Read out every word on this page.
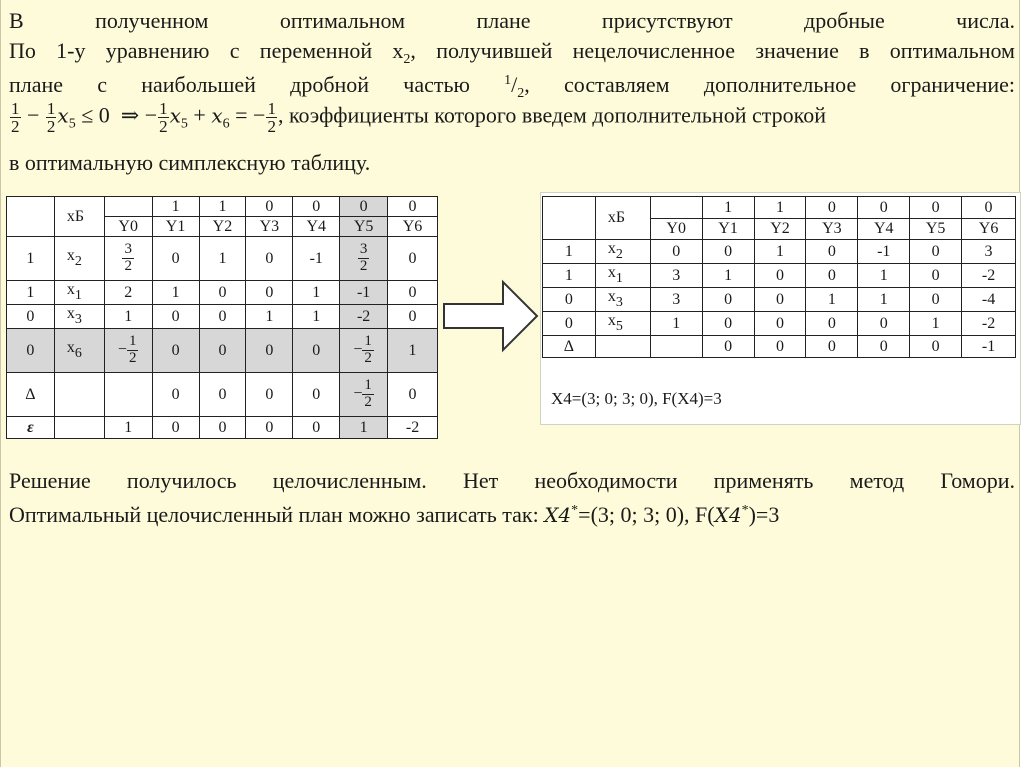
В полученном оптимальном плане присутствуют дробные числа.
По 1-у уравнению с переменной $x_2$, получившей нецелочисленное значение в оптимальном
плане с наибольшей дробной частью $^1/_2$, составляем дополнительное ограничение:
$\frac{1}{2} - \frac{1}{2} x_5 \le 0$ ⇒ − $\frac{1}{2} x_5 + x_6$ = − $\frac{1}{2}$ , коэффициенты которого введем дополнительной строкой
в оптимальную симплексную таблицу.
	xБ		1	1	0	0	0	0
		Y0	Y1	Y2	Y3	Y4	Y5	Y6
1	x2	$\frac{3}{2}$	0	1	0	-1	$\frac{3}{2}$	0
1	x1	2	1	0	0	1	-1	0
0	x3	1	0	0	1	1	-2	0
0	x6	− $\frac{1}{2}$	0	0	0	0	− $\frac{1}{2}$	1
Δ			0	0	0	0	− $\frac{1}{2}$	0
ε		1	0	0	0	0	1	-2
	xБ		1	1	0	0	0	0
		Y0	Y1	Y2	Y3	Y4	Y5	Y6
1	x2	0	0	1	0	-1	0	3
1	x1	3	1	0	0	1	0	-2
0	x3	3	0	0	1	1	0	-4
0	x5	1	0	0	0	0	1	-2
Δ			0	0	0	0	0	-1
X4=(3; 0; 3; 0), F(X4)=3
Решение получилось целочисленным. Нет необходимости применять метод Гомори.
Оптимальный целочисленный план можно записать так: X4*=(3; 0; 3; 0), F(X4*)=3
